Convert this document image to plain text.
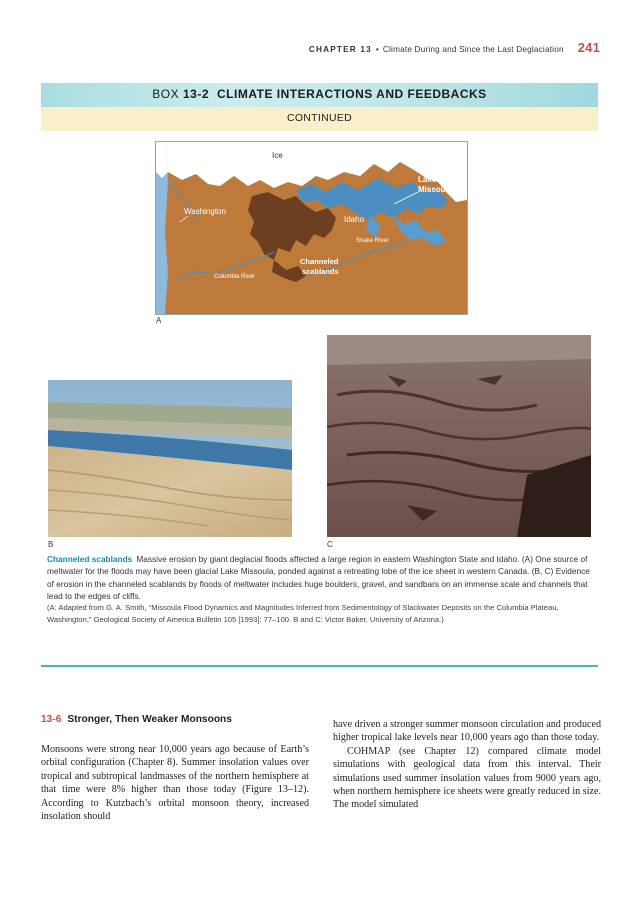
CHAPTER 13 • Climate During and Since the Last Deglaciation 241
BOX 13-2 CLIMATE INTERACTIONS AND FEEDBACKS
CONTINUED
Ice
Lake
Missoula
Washington
Idaho
Snake River
Channeled
scablands
Columbia River
A
B	C

Channeled scablands Massive erosion by giant deglacial floods affected a large region in eastern Washington State and Idaho. (A) One source of meltwater for the floods may have been glacial Lake Missoula, ponded against a retreating lobe of the ice sheet in western Canada. (B, C) Evidence of erosion in the channeled scablands by floods of meltwater includes huge boulders, gravel, and sandbars on an immense scale and channels that lead to the edges of cliffs.

(A: Adapted from G. A. Smith, “Missoula Flood Dynamics and Magnitudes Inferred from Sedimentology of Slackwater Deposits on the Columbia Plateau, Washington,” Geological Society of America Bulletin 105 [1993]: 77–100. B and C: Victor Baker, University of Arizona.)

13-6 Stronger, Then Weaker Monsoons

Monsoons were strong near 10,000 years ago because of Earth’s orbital configuration (Chapter 8). Summer insolation values over tropical and subtropical landmasses of the northern hemisphere at that time were 8% higher than those today (Figure 13–12). According to Kutzbach’s orbital monsoon theory, increased insolation should

have driven a stronger summer monsoon circulation and produced higher tropical lake levels near 10,000 years ago than those today.

COHMAP (see Chapter 12) compared climate model simulations with geological data from this interval. Their simulations used summer insolation values from 9000 years ago, when northern hemisphere ice sheets were greatly reduced in size. The model simulated
